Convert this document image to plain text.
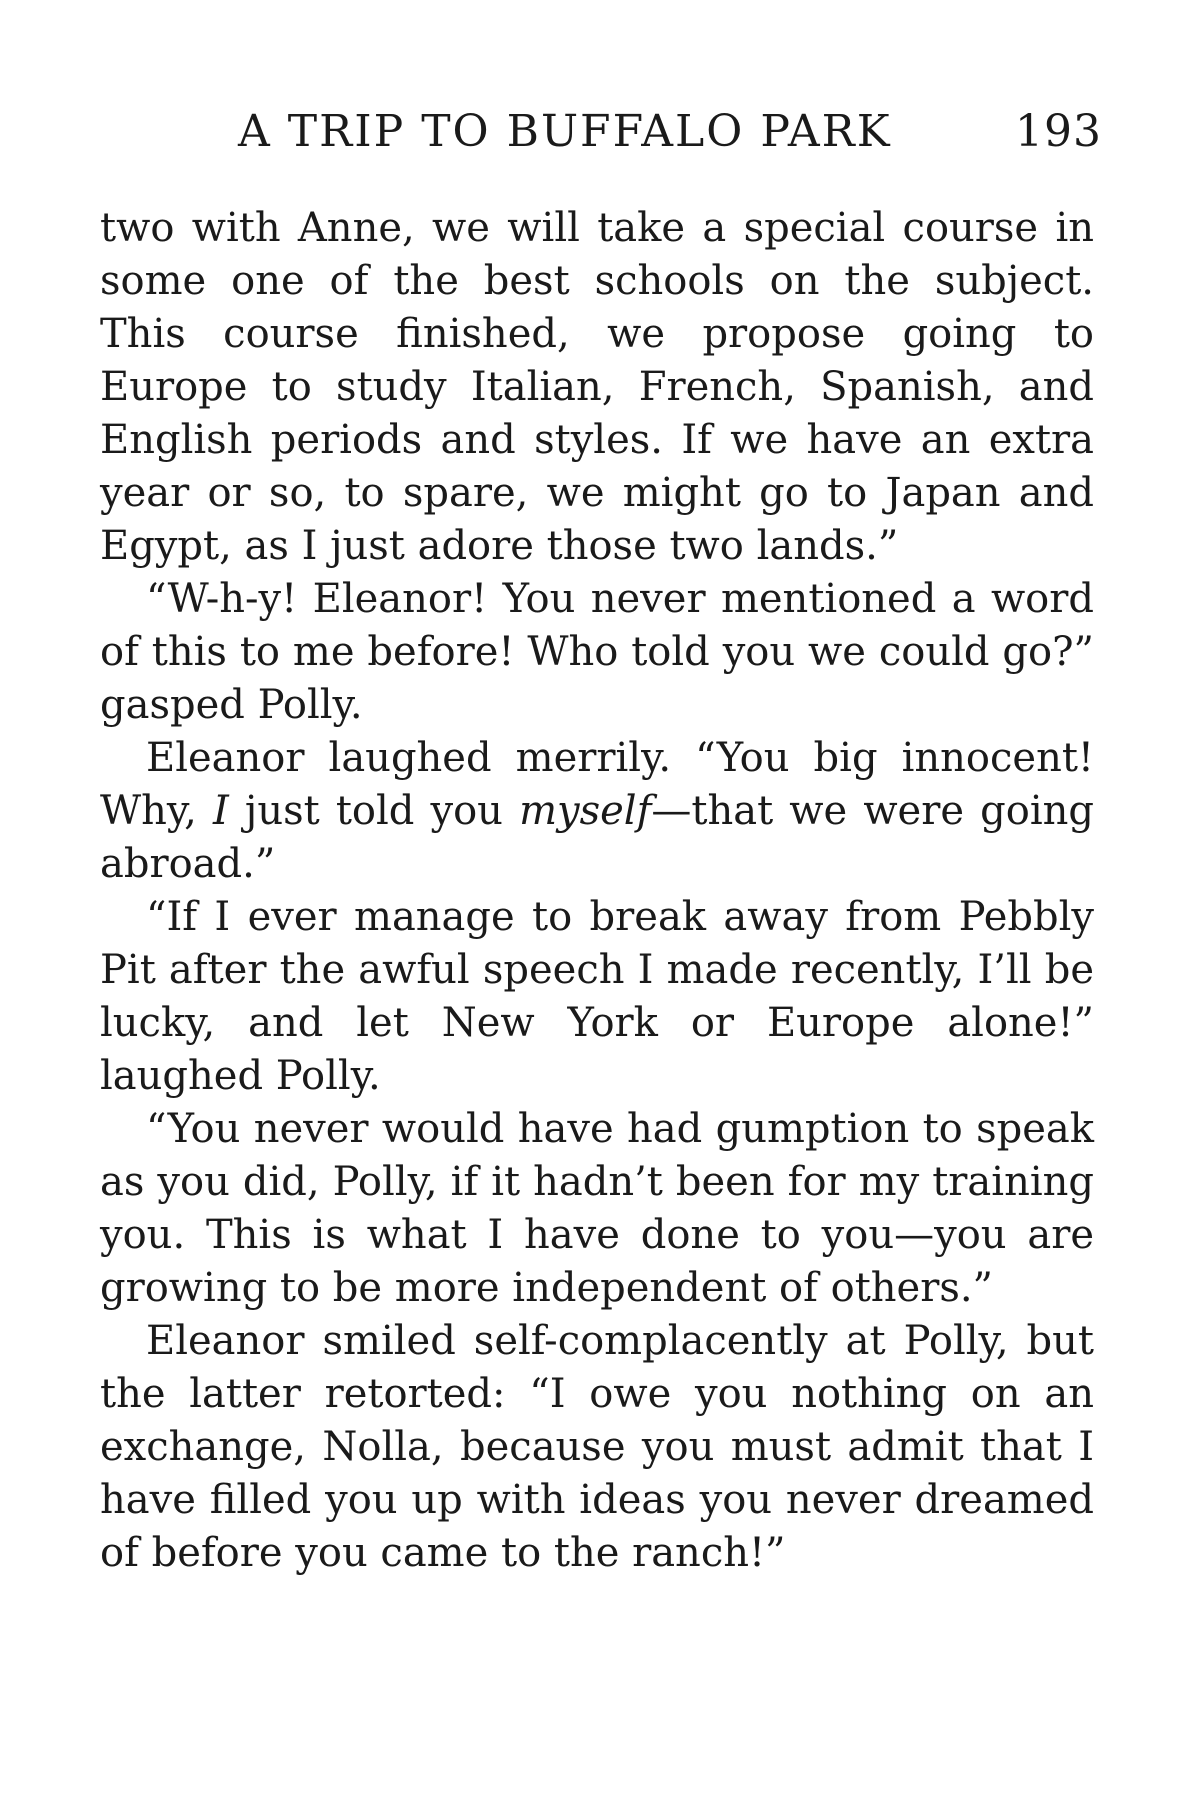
A TRIP TO BUFFALO PARK	193

two with Anne, we will take a special course in some one of the best schools on the subject. This course finished, we propose going to Europe to study Italian, French, Spanish, and English periods and styles. If we have an extra year or so, to spare, we might go to Japan and Egypt, as I just adore those two lands.”

“W-h-y! Eleanor! You never mentioned a word of this to me before! Who told you we could go?” gasped Polly.

Eleanor laughed merrily. “You big innocent! Why, I just told you myself—that we were going abroad.”

“If I ever manage to break away from Pebbly Pit after the awful speech I made recently, I’ll be lucky, and let New York or Europe alone!” laughed Polly.

“You never would have had gumption to speak as you did, Polly, if it hadn’t been for my training you. This is what I have done to you—you are growing to be more independent of others.”

Eleanor smiled self-complacently at Polly, but the latter retorted: “I owe you nothing on an exchange, Nolla, because you must admit that I have filled you up with ideas you never dreamed of before you came to the ranch!”
